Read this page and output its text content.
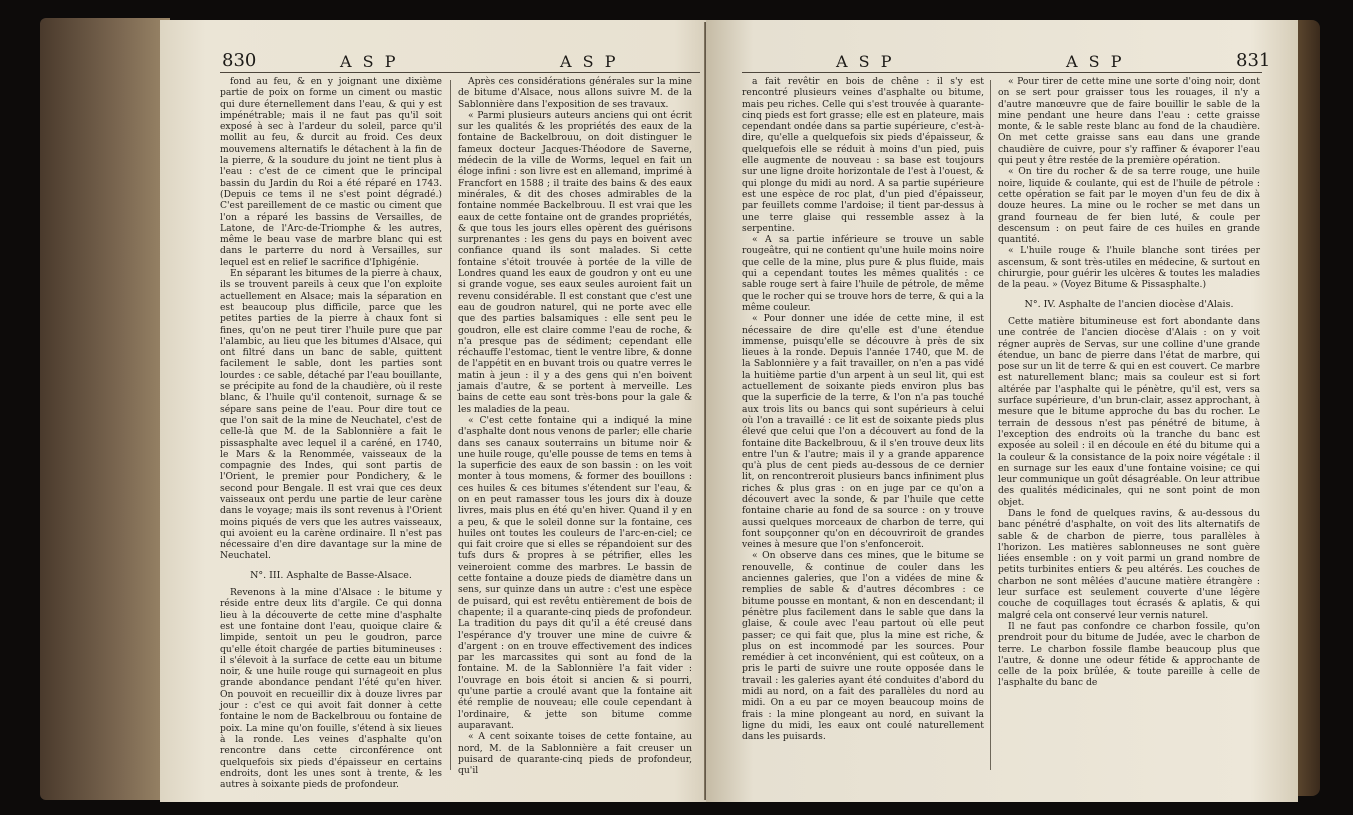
830	A S P	A S P

fond au feu, & en y joignant une dixième partie de poix on forme un ciment ou mastic qui dure éternellement dans l'eau, & qui y est impénétrable; mais il ne faut pas qu'il soit exposé à sec à l'ardeur du soleil, parce qu'il mollit au feu, & durcit au froid. Ces deux mouvemens alternatifs le détachent à la fin de la pierre, & la soudure du joint ne tient plus à l'eau : c'est de ce ciment que le principal bassin du Jardin du Roi a été réparé en 1743. (Depuis ce tems il ne s'est point dégradé.) C'est pareillement de ce mastic ou ciment que l'on a réparé les bassins de Versailles, de Latone, de l'Arc-de-Triomphe & les autres, même le beau vase de marbre blanc qui est dans le parterre du nord à Versailles, sur lequel est en relief le sacrifice d'Iphigénie.

En séparant les bitumes de la pierre à chaux, ils se trouvent pareils à ceux que l'on exploite actuellement en Alsace; mais la séparation en est beaucoup plus difficile, parce que les petites parties de la pierre à chaux font si fines, qu'on ne peut tirer l'huile pure que par l'alambic, au lieu que les bitumes d'Alsace, qui ont filtré dans un banc de sable, quittent facilement le sable, dont les parties sont lourdes : ce sable, détaché par l'eau bouillante, se précipite au fond de la chaudière, où il reste blanc, & l'huile qu'il contenoit, surnage & se sépare sans peine de l'eau. Pour dire tout ce que l'on sait de la mine de Neuchatel, c'est de celle-là que M. de la Sablonnière a fait le pissasphalte avec lequel il a caréné, en 1740, le Mars & la Renommée, vaisseaux de la compagnie des Indes, qui sont partis de l'Orient, le premier pour Pondichery, & le second pour Bengale. Il est vrai que ces deux vaisseaux ont perdu une partie de leur carène dans le voyage; mais ils sont revenus à l'Orient moins piqués de vers que les autres vaisseaux, qui avoient eu la carène ordinaire. Il n'est pas nécessaire d'en dire davantage sur la mine de Neuchatel.

N°. III. Asphalte de Basse-Alsace.

Revenons à la mine d'Alsace : le bitume y réside entre deux lits d'argile. Ce qui donna lieu à la découverte de cette mine d'asphalte est une fontaine dont l'eau, quoique claire & limpide, sentoit un peu le goudron, parce qu'elle étoit chargée de parties bitumineuses : il s'élevoit à la surface de cette eau un bitume noir, & une huile rouge qui surnageoit en plus grande abondance pendant l'été qu'en hiver. On pouvoit en recueillir dix à douze livres par jour : c'est ce qui avoit fait donner à cette fontaine le nom de Backelbrouu ou fontaine de poix. La mine qu'on fouille, s'étend à six lieues à la ronde. Les veines d'asphalte qu'on rencontre dans cette circonférence ont quelquefois six pieds d'épaisseur en certains endroits, dont les unes sont à trente, & les autres à soixante pieds de profondeur.

Après ces considérations générales sur la mine de bitume d'Alsace, nous allons suivre M. de la Sablonnière dans l'exposition de ses travaux.

« Parmi plusieurs auteurs anciens qui ont écrit sur les qualités & les propriétés des eaux de la fontaine de Backelbrouu, on doit distinguer le fameux docteur Jacques-Théodore de Saverne, médecin de la ville de Worms, lequel en fait un éloge infini : son livre est en allemand, imprimé à Francfort en 1588 ; il traite des bains & des eaux minérales, & dit des choses admirables de la fontaine nommée Backelbrouu. Il est vrai que les eaux de cette fontaine ont de grandes propriétés, & que tous les jours elles opèrent des guérisons surprenantes : les gens du pays en boivent avec confiance quand ils sont malades. Si cette fontaine s'étoit trouvée à portée de la ville de Londres quand les eaux de goudron y ont eu une si grande vogue, ses eaux seules auroient fait un revenu considérable. Il est constant que c'est une eau de goudron naturel, qui ne porte avec elle que des parties balsamiques : elle sent peu le goudron, elle est claire comme l'eau de roche, & n'a presque pas de sédiment; cependant elle réchauffe l'estomac, tient le ventre libre, & donne de l'appétit en en buvant trois ou quatre verres le matin à jeun : il y a des gens qui n'en boivent jamais d'autre, & se portent à merveille. Les bains de cette eau sont très-bons pour la gale & les maladies de la peau.

« C'est cette fontaine qui a indiqué la mine d'asphalte dont nous venons de parler; elle charie dans ses canaux souterrains un bitume noir & une huile rouge, qu'elle pousse de tems en tems à la superficie des eaux de son bassin : on les voit monter à tous momens, & former des bouillons : ces huiles & ces bitumes s'étendent sur l'eau, & on en peut ramasser tous les jours dix à douze livres, mais plus en été qu'en hiver. Quand il y en a peu, & que le soleil donne sur la fontaine, ces huiles ont toutes les couleurs de l'arc-en-ciel; ce qui fait croire que si elles se répandoient sur des tufs durs & propres à se pétrifier, elles les veineroient comme des marbres. Le bassin de cette fontaine a douze pieds de diamètre dans un sens, sur quinze dans un autre : c'est une espèce de puisard, qui est revêtu entièrement de bois de chapente; il a quarante-cinq pieds de profondeur. La tradition du pays dit qu'il a été creusé dans l'espérance d'y trouver une mine de cuivre & d'argent : on en trouve effectivement des indices par les marcassites qui sont au fond de la fontaine. M. de la Sablonnière l'a fait vider : l'ouvrage en bois étoit si ancien & si pourri, qu'une partie a croulé avant que la fontaine ait été remplie de nouveau; elle coule cependant à l'ordinaire, & jette son bitume comme auparavant.

« A cent soixante toises de cette fontaine, au nord, M. de la Sablonnière a fait creuser un puisard de quarante-cinq pieds de profondeur, qu'il

A S P	A S P	831

a fait revêtir en bois de chêne : il s'y est rencontré plusieurs veines d'asphalte ou bitume, mais peu riches. Celle qui s'est trouvée à quarante-cinq pieds est fort grasse; elle est en plateure, mais cependant ondée dans sa partie supérieure, c'est-à-dire, qu'elle a quelquefois six pieds d'épaisseur, & quelquefois elle se réduit à moins d'un pied, puis elle augmente de nouveau : sa base est toujours sur une ligne droite horizontale de l'est à l'ouest, & qui plonge du midi au nord. A sa partie supérieure est une espèce de roc plat, d'un pied d'épaisseur, par feuillets comme l'ardoise; il tient par-dessus à une terre glaise qui ressemble assez à la serpentine.

« A sa partie inférieure se trouve un sable rougeâtre, qui ne contient qu'une huile moins noire que celle de la mine, plus pure & plus fluide, mais qui a cependant toutes les mêmes qualités : ce sable rouge sert à faire l'huile de pétrole, de même que le rocher qui se trouve hors de terre, & qui a la même couleur.

« Pour donner une idée de cette mine, il est nécessaire de dire qu'elle est d'une étendue immense, puisqu'elle se découvre à près de six lieues à la ronde. Depuis l'année 1740, que M. de la Sablonnière y a fait travailler, on n'en a pas vidé la huitième partie d'un arpent à un seul lit, qui est actuellement de soixante pieds environ plus bas que la superficie de la terre, & l'on n'a pas touché aux trois lits ou bancs qui sont supérieurs à celui où l'on a travaillé : ce lit est de soixante pieds plus élevé que celui que l'on a découvert au fond de la fontaine dite Backelbrouu, & il s'en trouve deux lits entre l'un & l'autre; mais il y a grande apparence qu'à plus de cent pieds au-dessous de ce dernier lit, on rencontreroit plusieurs bancs infiniment plus riches & plus gras : on en juge par ce qu'on a découvert avec la sonde, & par l'huile que cette fontaine charie au fond de sa source : on y trouve aussi quelques morceaux de charbon de terre, qui font soupçonner qu'on en découvriroit de grandes veines à mesure que l'on s'enfonceroit.

« On observe dans ces mines, que le bitume se renouvelle, & continue de couler dans les anciennes galeries, que l'on a vidées de mine & remplies de sable & d'autres décombres : ce bitume pousse en montant, & non en descendant; il pénètre plus facilement dans le sable que dans la glaise, & coule avec l'eau partout où elle peut passer; ce qui fait que, plus la mine est riche, & plus on est incommodé par les sources. Pour remédier à cet inconvénient, qui est coûteux, on a pris le parti de suivre une route opposée dans le travail : les galeries ayant été conduites d'abord du midi au nord, on a fait des parallèles du nord au midi. On a eu par ce moyen beaucoup moins de frais : la mine plongeant au nord, en suivant la ligne du midi, les eaux ont coulé naturellement dans les puisards.

« Pour tirer de cette mine une sorte d'oing noir, dont on se sert pour graisser tous les rouages, il n'y a d'autre manœuvre que de faire bouillir le sable de la mine pendant une heure dans l'eau : cette graisse monte, & le sable reste blanc au fond de la chaudière. On met cette graisse sans eau dans une grande chaudière de cuivre, pour s'y raffiner & évaporer l'eau qui peut y être restée de la première opération.

« On tire du rocher & de sa terre rouge, une huile noire, liquide & coulante, qui est de l'huile de pétrole : cette opération se fait par le moyen d'un feu de dix à douze heures. La mine ou le rocher se met dans un grand fourneau de fer bien luté, & coule per descensum : on peut faire de ces huiles en grande quantité.

« L'huile rouge & l'huile blanche sont tirées per ascensum, & sont très-utiles en médecine, & surtout en chirurgie, pour guérir les ulcères & toutes les maladies de la peau. » (Voyez Bitume & Pissasphalte.)

N°. IV. Asphalte de l'ancien diocèse d'Alais.

Cette matière bitumineuse est fort abondante dans une contrée de l'ancien diocèse d'Alais : on y voit régner auprès de Servas, sur une colline d'une grande étendue, un banc de pierre dans l'état de marbre, qui pose sur un lit de terre & qui en est couvert. Ce marbre est naturellement blanc; mais sa couleur est si fort altérée par l'asphalte qui le pénètre, qu'il est, vers sa surface supérieure, d'un brun-clair, assez approchant, à mesure que le bitume approche du bas du rocher. Le terrain de dessous n'est pas pénétré de bitume, à l'exception des endroits où la tranche du banc est exposée au soleil : il en découle en été du bitume qui a la couleur & la consistance de la poix noire végétale : il en surnage sur les eaux d'une fontaine voisine; ce qui leur communique un goût désagréable. On leur attribue des qualités médicinales, qui ne sont point de mon objet.

Dans le fond de quelques ravins, & au-dessous du banc pénétré d'asphalte, on voit des lits alternatifs de sable & de charbon de pierre, tous parallèles à l'horizon. Les matières sablonneuses ne sont guère liées ensemble : on y voit parmi un grand nombre de petits turbinites entiers & peu altérés. Les couches de charbon ne sont mêlées d'aucune matière étrangère : leur surface est seulement couverte d'une légère couche de coquillages tout écrasés & aplatis, & qui malgré cela ont conservé leur vernis naturel.

Il ne faut pas confondre ce charbon fossile, qu'on prendroit pour du bitume de Judée, avec le charbon de terre. Le charbon fossile flambe beaucoup plus que l'autre, & donne une odeur fétide & approchante de celle de la poix brûlée, & toute pareille à celle de l'asphalte du banc de
